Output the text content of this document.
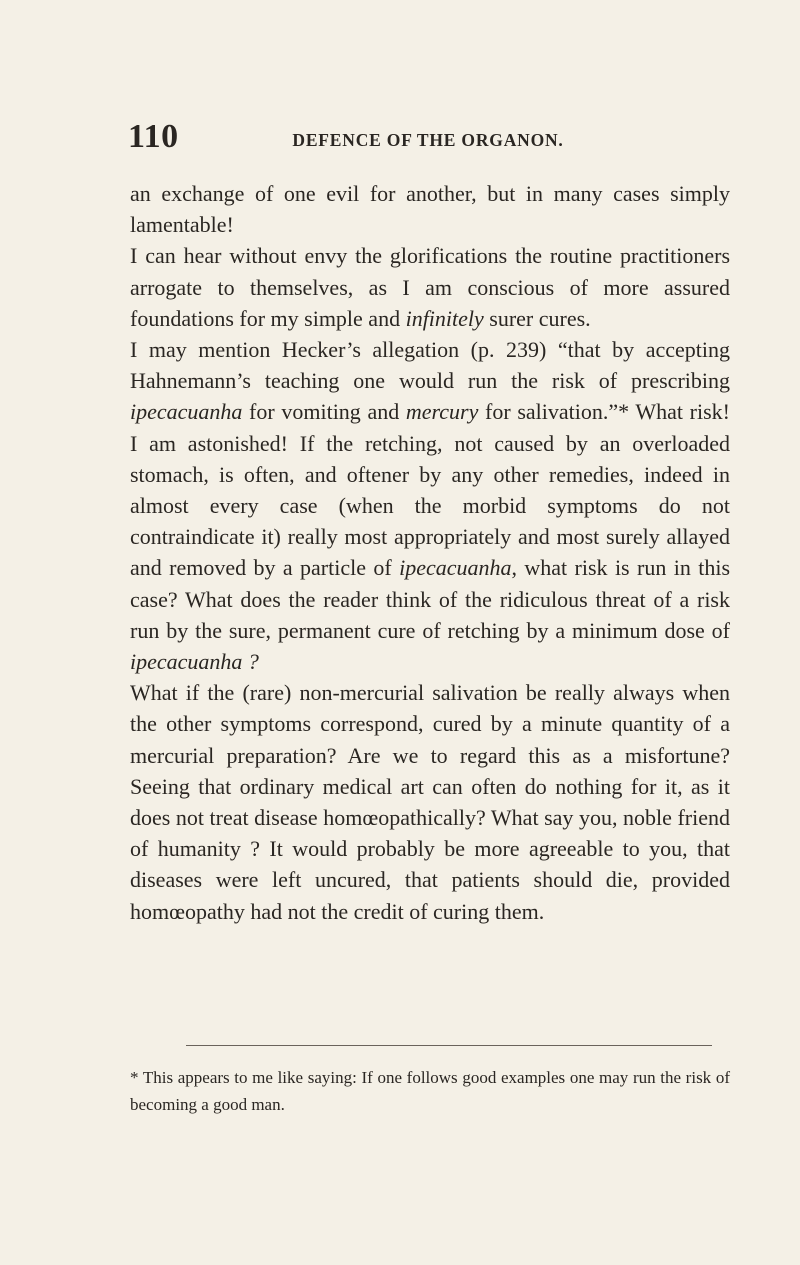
110	DEFENCE OF THE ORGANON.

an exchange of one evil for another, but in many cases simply lamentable!

I can hear without envy the glorifications the routine practitioners arrogate to themselves, as I am conscious of more assured foundations for my simple and infinitely surer cures.

I may mention Hecker’s allegation (p. 239) “that by accepting Hahnemann’s teaching one would run the risk of prescribing ipecacuanha for vomiting and mercury for salivation.”* What risk! I am astonished! If the retching, not caused by an overloaded stomach, is often, and oftener by any other remedies, indeed in almost every case (when the morbid symptoms do not contraindicate it) really most appropriately and most surely allayed and removed by a particle of ipecacuanha, what risk is run in this case? What does the reader think of the ridiculous threat of a risk run by the sure, permanent cure of retching by a minimum dose of ipecacuanha ?

What if the (rare) non-mercurial salivation be really always when the other symptoms correspond, cured by a minute quantity of a mercurial preparation? Are we to regard this as a misfortune? Seeing that ordinary medical art can often do nothing for it, as it does not treat disease homœopathically? What say you, noble friend of humanity ? It would probably be more agreeable to you, that diseases were left uncured, that patients should die, provided homœopathy had not the credit of curing them.

* This appears to me like saying: If one follows good examples one may run the risk of becoming a good man.
